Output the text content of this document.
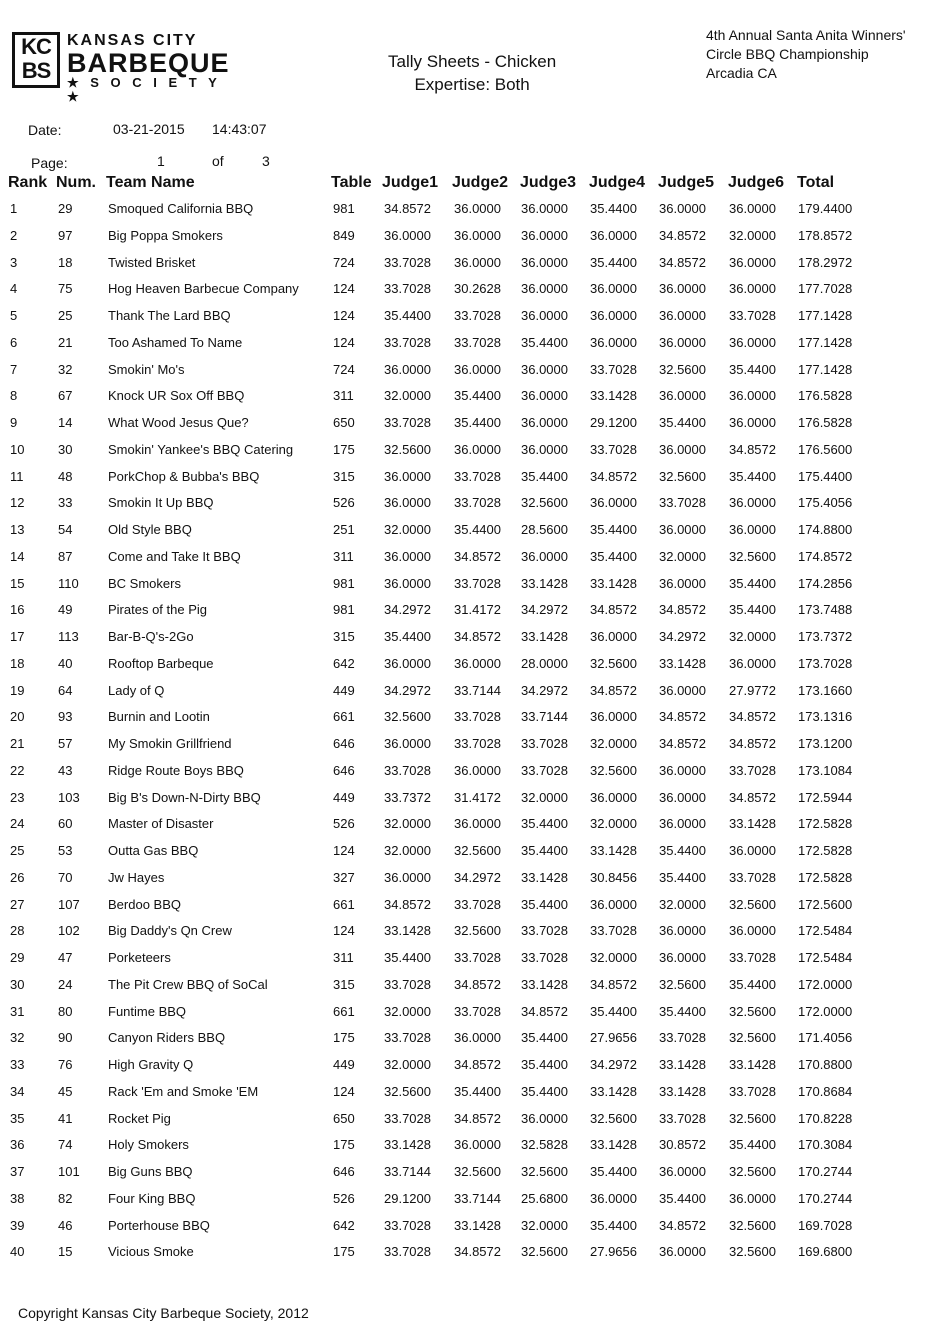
KC
BS
KANSAS CITY
BARBEQUE
★ S O C I E T Y ★
Tally Sheets - Chicken
Expertise: Both
4th Annual Santa Anita Winners'
Circle BBQ Championship
Arcadia CA
Date:	03-21-2015 14:43:07
Page:	1	of	3
Rank Num. Team Name	Table Judge1 Judge2 Judge3 Judge4 Judge5 Judge6 Total
1	29	Smoqued California BBQ	981 34.8572 36.0000 36.0000 35.4400 36.0000 36.0000 179.4400
2	97	Big Poppa Smokers	849 36.0000 36.0000 36.0000 36.0000 34.8572 32.0000 178.8572
3	18	Twisted Brisket	724 33.7028 36.0000 36.0000 35.4400 34.8572 36.0000 178.2972
4	75	Hog Heaven Barbecue Company	124 33.7028 30.2628 36.0000 36.0000 36.0000 36.0000 177.7028
5	25	Thank The Lard BBQ	124 35.4400 33.7028 36.0000 36.0000 36.0000 33.7028 177.1428
6	21	Too Ashamed To Name	124 33.7028 33.7028 35.4400 36.0000 36.0000 36.0000 177.1428
7	32	Smokin' Mo's	724 36.0000 36.0000 36.0000 33.7028 32.5600 35.4400 177.1428
8	67	Knock UR Sox Off BBQ	311 32.0000 35.4400 36.0000 33.1428 36.0000 36.0000 176.5828
9	14	What Wood Jesus Que?	650 33.7028 35.4400 36.0000 29.1200 35.4400 36.0000 176.5828
10	30	Smokin' Yankee's BBQ Catering	175 32.5600 36.0000 36.0000 33.7028 36.0000 34.8572 176.5600
11	48	PorkChop & Bubba's BBQ	315 36.0000 33.7028 35.4400 34.8572 32.5600 35.4400 175.4400
12	33	Smokin It Up BBQ	526 36.0000 33.7028 32.5600 36.0000 33.7028 36.0000 175.4056
13	54	Old Style BBQ	251 32.0000 35.4400 28.5600 35.4400 36.0000 36.0000 174.8800
14	87	Come and Take It BBQ	311 36.0000 34.8572 36.0000 35.4400 32.0000 32.5600 174.8572
15	110 BC Smokers	981 36.0000 33.7028 33.1428 33.1428 36.0000 35.4400 174.2856
16	49	Pirates of the Pig	981 34.2972 31.4172 34.2972 34.8572 34.8572 35.4400 173.7488
17	113 Bar-B-Q's-2Go	315 35.4400 34.8572 33.1428 36.0000 34.2972 32.0000 173.7372
18	40	Rooftop Barbeque	642 36.0000 36.0000 28.0000 32.5600 33.1428 36.0000 173.7028
19	64	Lady of Q	449 34.2972 33.7144 34.2972 34.8572 36.0000 27.9772 173.1660
20	93	Burnin and Lootin	661 32.5600 33.7028 33.7144 36.0000 34.8572 34.8572 173.1316
21	57	My Smokin Grillfriend	646 36.0000 33.7028 33.7028 32.0000 34.8572 34.8572 173.1200
22	43	Ridge Route Boys BBQ	646 33.7028 36.0000 33.7028 32.5600 36.0000 33.7028 173.1084
23	103 Big B's Down-N-Dirty BBQ	449 33.7372 31.4172 32.0000 36.0000 36.0000 34.8572 172.5944
24	60	Master of Disaster	526 32.0000 36.0000 35.4400 32.0000 36.0000 33.1428 172.5828
25	53	Outta Gas BBQ	124 32.0000 32.5600 35.4400 33.1428 35.4400 36.0000 172.5828
26	70	Jw Hayes	327 36.0000 34.2972 33.1428 30.8456 35.4400 33.7028 172.5828
27	107 Berdoo BBQ	661 34.8572 33.7028 35.4400 36.0000 32.0000 32.5600 172.5600
28	102 Big Daddy's Qn Crew	124 33.1428 32.5600 33.7028 33.7028 36.0000 36.0000 172.5484
29	47	Porketeers	311 35.4400 33.7028 33.7028 32.0000 36.0000 33.7028 172.5484
30	24	The Pit Crew BBQ of SoCal	315 33.7028 34.8572 33.1428 34.8572 32.5600 35.4400 172.0000
31	80	Funtime BBQ	661 32.0000 33.7028 34.8572 35.4400 35.4400 32.5600 172.0000
32	90	Canyon Riders BBQ	175 33.7028 36.0000 35.4400 27.9656 33.7028 32.5600 171.4056
33	76	High Gravity Q	449 32.0000 34.8572 35.4400 34.2972 33.1428 33.1428 170.8800
34	45	Rack 'Em and Smoke 'EM	124 32.5600 35.4400 35.4400 33.1428 33.1428 33.7028 170.8684
35	41	Rocket Pig	650 33.7028 34.8572 36.0000 32.5600 33.7028 32.5600 170.8228
36	74	Holy Smokers	175 33.1428 36.0000 32.5828 33.1428 30.8572 35.4400 170.3084
37	101 Big Guns BBQ	646 33.7144 32.5600 32.5600 35.4400 36.0000 32.5600 170.2744
38	82	Four King BBQ	526 29.1200 33.7144 25.6800 36.0000 35.4400 36.0000 170.2744
39	46	Porterhouse BBQ	642 33.7028 33.1428 32.0000 35.4400 34.8572 32.5600 169.7028
40	15	Vicious Smoke	175 33.7028 34.8572 32.5600 27.9656 36.0000 32.5600 169.6800
Copyright Kansas City Barbeque Society, 2012
